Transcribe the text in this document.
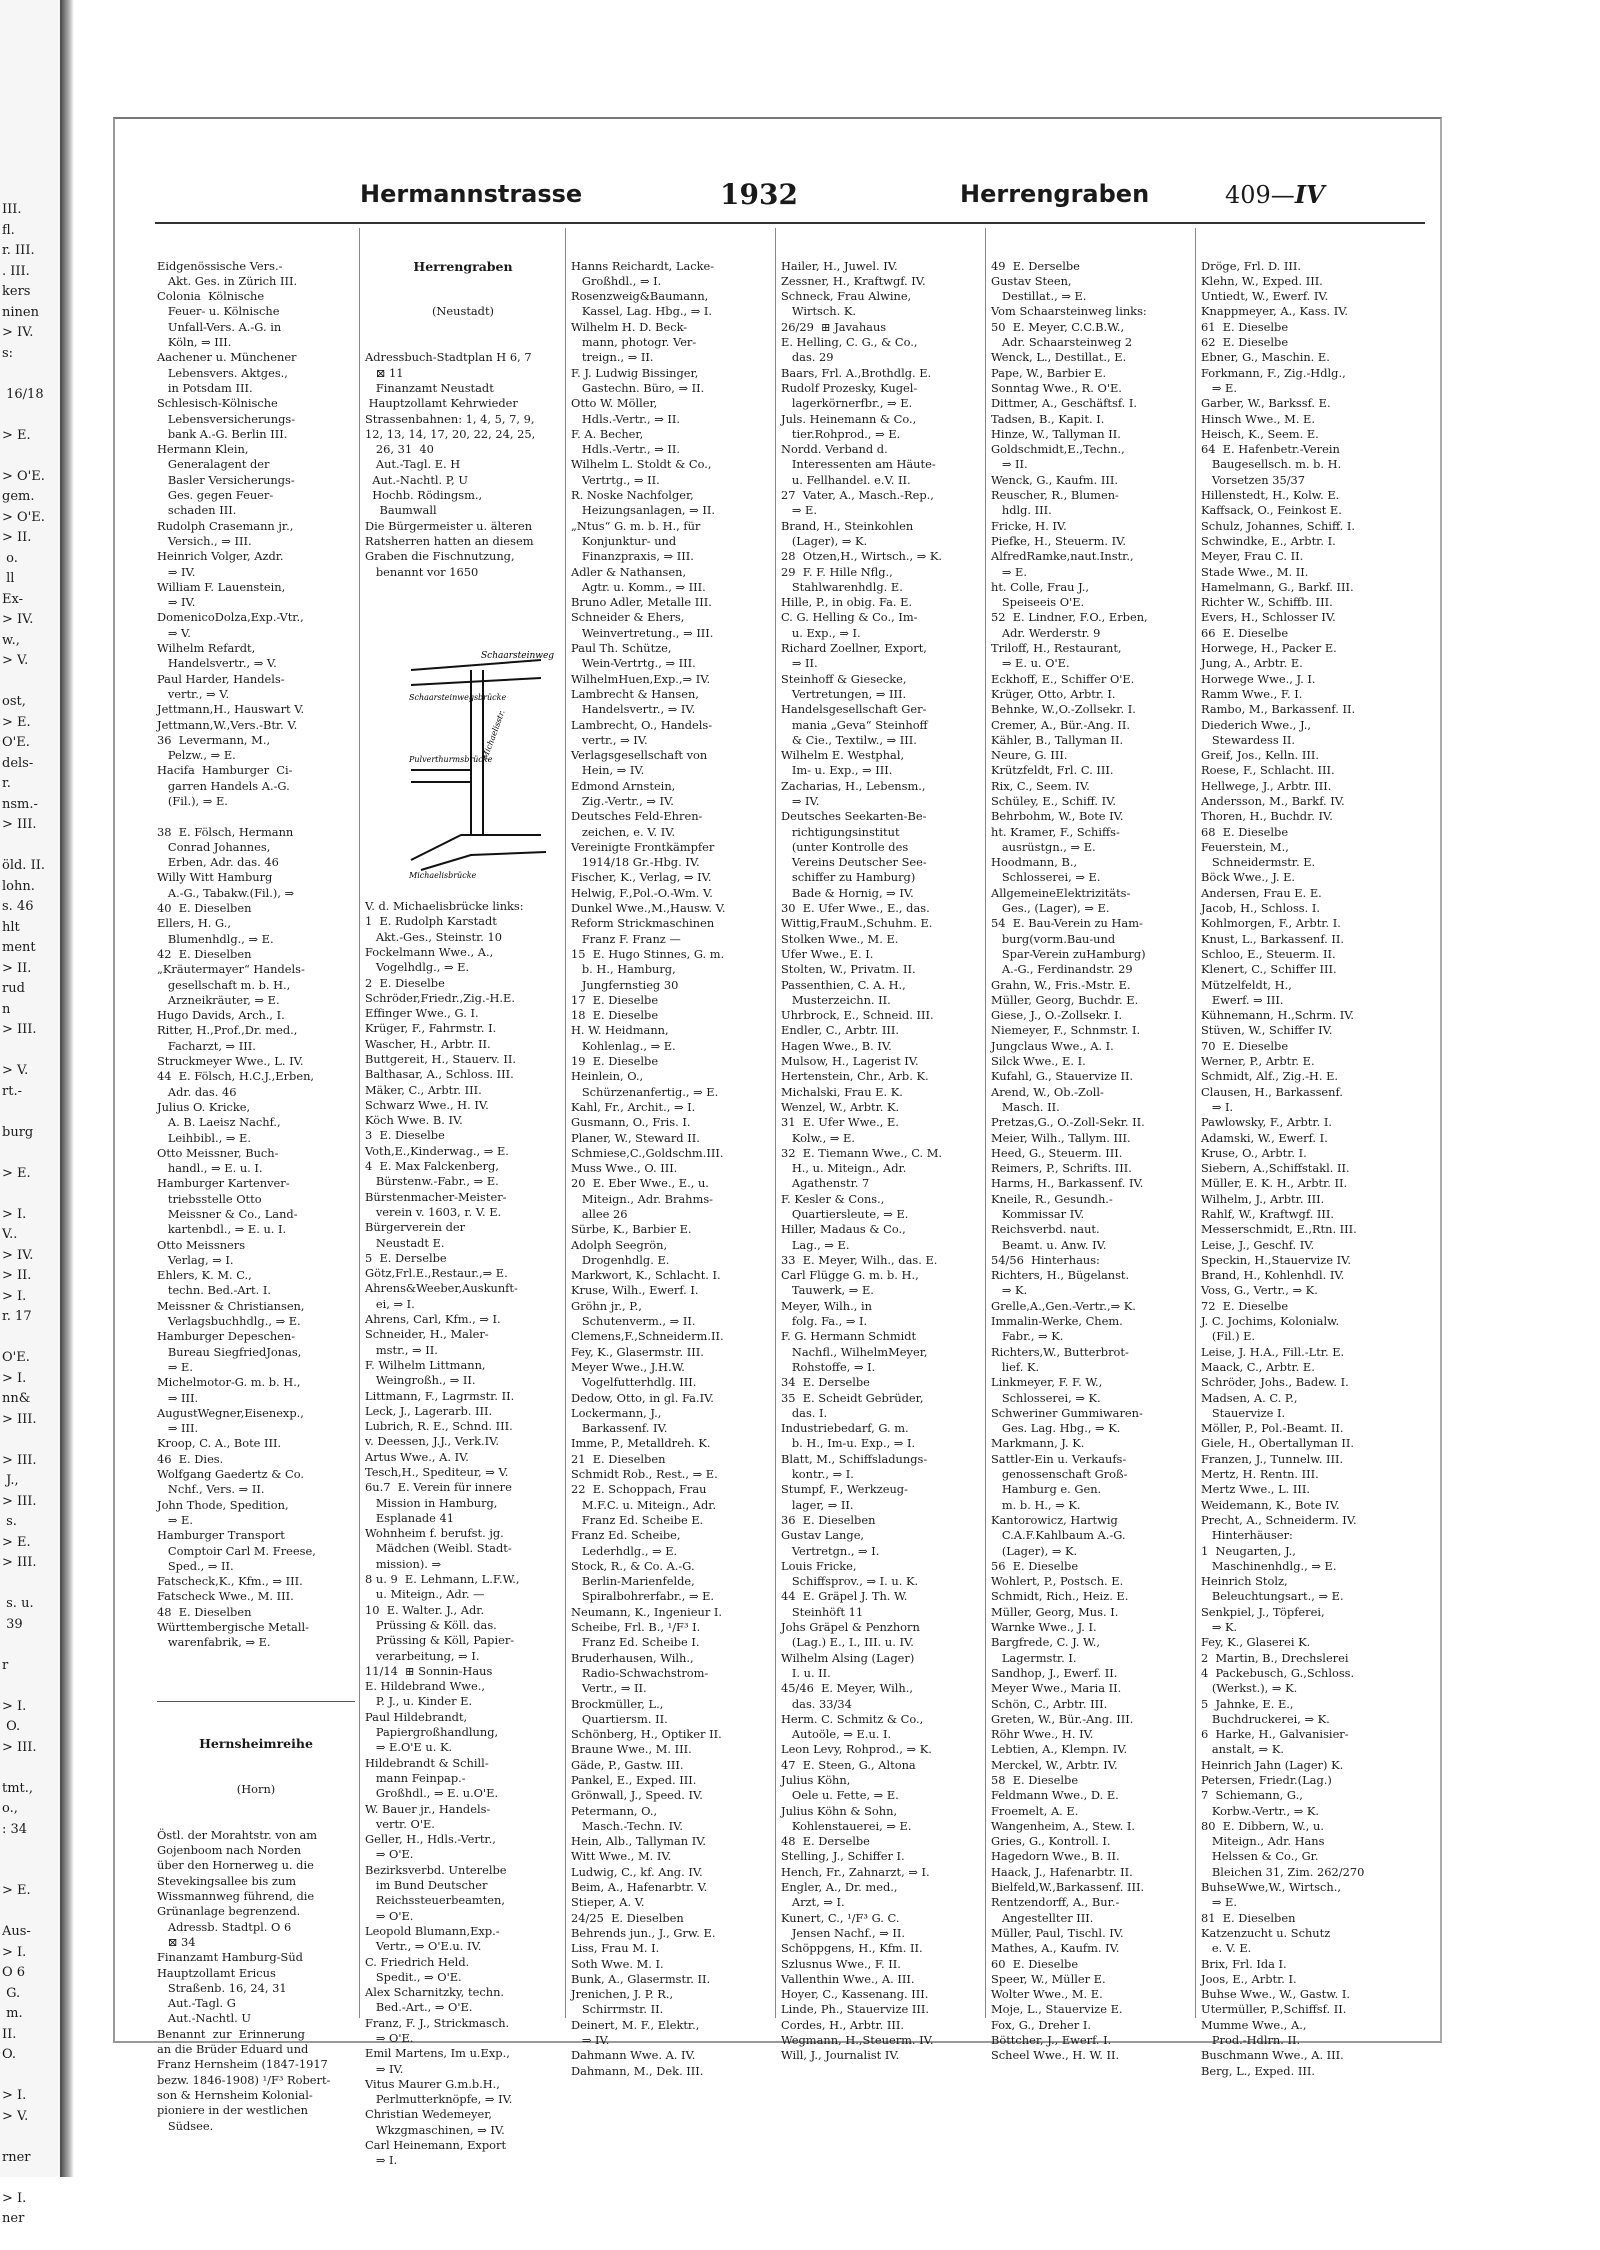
III.
fl.
r. III.
. III.
kers
ninen
> IV.
s:

16/18

> E.

> O'E.
gem.
> O'E.
> II.
o.
ll
Ex-
> IV.
w.,
> V.

ost,
> E.
O'E.
dels-
r.
nsm.-
> III.

öld. II.
lohn.
s. 46
hlt
ment
> II.
rud
n
> III.

> V.
rt.-

burg

> E.

> I.
V..
> IV.
> II.
> I.
r. 17

O'E.
> I.
nn&
> III.

> III.
J.,
> III.
s.
> E.
> III.

s. u.
39

r

> I.
O.
> III.

tmt.,
o.,
: 34

> E.

Aus-
> I.
O 6
G.
m.
II.
O.

> I.
> V.

rner

> I.
ner

Hermannstrasse	1932	Herrengraben	409—IV

Eidgenössische Vers.-
Akt. Ges. in Zürich III.
Colonia  Kölnische
Feuer- u. Kölnische
Unfall-Vers. A.-G. in
Köln, ⇒ III.
Aachener u. Münchener
Lebensvers. Aktges.,
in Potsdam III.
Schlesisch-Kölnische
Lebensversicherungs-
bank A.-G. Berlin III.
Hermann Klein,
Generalagent der
Basler Versicherungs-
Ges. gegen Feuer-
schaden III.
Rudolph Crasemann jr.,
Versich., ⇒ III.
Heinrich Volger, Azdr.
⇒ IV.
William F. Lauenstein,
⇒ IV.
DomenicoDolza,Exp.-Vtr.,
⇒ V.
Wilhelm Refardt,
Handelsvertr., ⇒ V.
Paul Harder, Handels-
vertr., ⇒ V.
Jettmann,H., Hauswart V.
Jettmann,W.,Vers.-Btr. V.
36  Levermann, M.,
Pelzw., ⇒ E.
Hacifa  Hamburger  Ci-
garren Handels A.-G.
(Fil.), ⇒ E.

38  E. Fölsch, Hermann
Conrad Johannes,
Erben, Adr. das. 46
Willy Witt Hamburg
A.-G., Tabakw.(Fil.), ⇒
40  E. Dieselben
Ellers, H. G.,
Blumenhdlg., ⇒ E.
42  E. Dieselben
„Kräutermayer“ Handels-
gesellschaft m. b. H.,
Arzneikräuter, ⇒ E.
Hugo Davids, Arch., I.
Ritter, H.,Prof.,Dr. med.,
Facharzt, ⇒ III.
Struckmeyer Wwe., L. IV.
44  E. Fölsch, H.C.J.,Erben,
Adr. das. 46
Julius O. Kricke,
A. B. Laeisz Nachf.,
Leihbibl., ⇒ E.
Otto Meissner, Buch-
handl., ⇒ E. u. I.
Hamburger Kartenver-
triebsstelle Otto
Meissner & Co., Land-
kartenbdl., ⇒ E. u. I.
Otto Meissners
Verlag, ⇒ I.
Ehlers, K. M. C.,
techn. Bed.-Art. I.
Meissner & Christiansen,
Verlagsbuchhdlg., ⇒ E.
Hamburger Depeschen-
Bureau SiegfriedJonas,
⇒ E.
Michelmotor-G. m. b. H.,
⇒ III.
AugustWegner,Eisenexp.,
⇒ III.
Kroop, C. A., Bote III.
46  E. Dies.
Wolfgang Gaedertz & Co.
Nchf., Vers. ⇒ II.
John Thode, Spedition,
⇒ E.
Hamburger Transport
Comptoir Carl M. Freese,
Sped., ⇒ II.
Fatscheck,K., Kfm., ⇒ III.
Fatscheck Wwe., M. III.
48  E. Dieselben
Württembergische Metall-
warenfabrik, ⇒ E.

Hernsheimreihe

(Horn)

Östl. der Morahtstr. von am
Gojenboom nach Norden
über den Hornerweg u. die
Stevekingsallee bis zum
Wissmannweg führend, die
Grünanlage begrenzend.
Adressb. Stadtpl. O 6
⊠ 34
Finanzamt Hamburg-Süd
Hauptzollamt Ericus
Straßenb. 16, 24, 31
Aut.-Tagl. G
Aut.-Nachtl. U
Benannt  zur  Erinnerung
an die Brüder Eduard und
Franz Hernsheim (1847-1917
bezw. 1846-1908) ¹/F³ Robert-
son & Hernsheim Kolonial-
pioniere in der westlichen
Südsee.

Herrengraben

(Neustadt)

Adressbuch-Stadtplan H 6, 7
⊠ 11
Finanzamt Neustadt
Hauptzollamt Kehrwieder
Strassenbahnen: 1, 4, 5, 7, 9,
12, 13, 14, 17, 20, 22, 24, 25,
26, 31  40
Aut.-Tagl. E. H
Aut.-Nachtl. P, U
Hochb. Rödingsm.,
Baumwall
Die Bürgermeister u. älteren
Ratsherren hatten an diesem
Graben die Fischnutzung,
benannt vor 1650

Schaarsteinweg
Schaarsteinwegsbrücke
Pulverthurmsbrücke
Michaelisbrücke
Michaelisstr.

V. d. Michaelisbrücke links:
1  E. Rudolph Karstadt
Akt.-Ges., Steinstr. 10
Fockelmann Wwe., A.,
Vogelhdlg., ⇒ E.
2  E. Dieselbe
Schröder,Friedr.,Zig.-H.E.
Effinger Wwe., G. I.
Krüger, F., Fahrmstr. I.
Wascher, H., Arbtr. II.
Buttgereit, H., Stauerv. II.
Balthasar, A., Schloss. III.
Mäker, C., Arbtr. III.
Schwarz Wwe., H. IV.
Köch Wwe. B. IV.
3  E. Dieselbe
Voth,E.,Kinderwag., ⇒ E.
4  E. Max Falckenberg,
Bürstenw.-Fabr., ⇒ E.
Bürstenmacher-Meister-
verein v. 1603, r. V. E.
Bürgerverein der
Neustadt E.
5  E. Derselbe
Götz,Frl.E.,Restaur.,⇒ E.
Ahrens&Weeber,Auskunft-
ei, ⇒ I.
Ahrens, Carl, Kfm., ⇒ I.
Schneider, H., Maler-
mstr., ⇒ II.
F. Wilhelm Littmann,
Weingroßh., ⇒ II.
Littmann, F., Lagrmstr. II.
Leck, J., Lagerarb. III.
Lubrich, R. E., Schnd. III.
v. Deessen, J.J., Verk.IV.
Artus Wwe., A. IV.
Tesch,H., Spediteur, ⇒ V.
6u.7  E. Verein für innere
Mission in Hamburg,
Esplanade 41
Wohnheim f. berufst. jg.
Mädchen (Weibl. Stadt-
mission). ⇒
8 u. 9  E. Lehmann, L.F.W.,
u. Miteign., Adr. —
10  E. Walter. J., Adr.
Prüssing & Köll. das.
Prüssing & Köll, Papier-
verarbeitung, ⇒ I.
11/14  ⊞ Sonnin-Haus
E. Hildebrand Wwe.,
P. J., u. Kinder E.
Paul Hildebrandt,
Papiergroßhandlung,
⇒ E.O'E u. K.
Hildebrandt & Schill-
mann Feinpap.-
Großhdl., ⇒ E. u.O'E.
W. Bauer jr., Handels-
vertr. O'E.
Geller, H., Hdls.-Vertr.,
⇒ O'E.
Bezirksverbd. Unterelbe
im Bund Deutscher
Reichssteuerbeamten,
⇒ O'E.
Leopold Blumann,Exp.-
Vertr., ⇒ O'E.u. IV.
C. Friedrich Held.
Spedit., ⇒ O'E.
Alex Scharnitzky, techn.
Bed.-Art., ⇒ O'E.
Franz, F. J., Strickmasch.
⇒ O'E.
Emil Martens, Im u.Exp.,
⇒ IV.
Vitus Maurer G.m.b.H.,
Perlmutterknöpfe, ⇒ IV.
Christian Wedemeyer,
Wkzgmaschinen, ⇒ IV.
Carl Heinemann, Export
⇒ I.

Hanns Reichardt, Lacke-
Großhdl., ⇒ I.
Rosenzweig&Baumann,
Kassel, Lag. Hbg., ⇒ I.
Wilhelm H. D. Beck-
mann, photogr. Ver-
treign., ⇒ II.
F. J. Ludwig Bissinger,
Gastechn. Büro, ⇒ II.
Otto W. Möller,
Hdls.-Vertr., ⇒ II.
F. A. Becher,
Hdls.-Vertr., ⇒ II.
Wilhelm L. Stoldt & Co.,
Vertrtg., ⇒ II.
R. Noske Nachfolger,
Heizungsanlagen, ⇒ II.
„Ntus“ G. m. b. H., für
Konjunktur- und
Finanzpraxis, ⇒ III.
Adler & Nathansen,
Agtr. u. Komm., ⇒ III.
Bruno Adler, Metalle III.
Schneider & Ehers,
Weinvertretung., ⇒ III.
Paul Th. Schütze,
Wein-Vertrtg., ⇒ III.
WilhelmHuen,Exp.,⇒ IV.
Lambrecht & Hansen,
Handelsvertr., ⇒ IV.
Lambrecht, O., Handels-
vertr., ⇒ IV.
Verlagsgesellschaft von
Hein, ⇒ IV.
Edmond Arnstein,
Zig.-Vertr., ⇒ IV.
Deutsches Feld-Ehren-
zeichen, e. V. IV.
Vereinigte Frontkämpfer
1914/18 Gr.-Hbg. IV.
Fischer, K., Verlag, ⇒ IV.
Helwig, F.,Pol.-O.-Wm. V.
Dunkel Wwe.,M.,Hausw. V.
Reform Strickmaschinen
Franz F. Franz —
15  E. Hugo Stinnes, G. m.
b. H., Hamburg,
Jungfernstieg 30
17  E. Dieselbe
18  E. Dieselbe
H. W. Heidmann,
Kohlenlag., ⇒ E.
19  E. Dieselbe
Heinlein, O.,
Schürzenanfertig., ⇒ E.
Kahl, Fr., Archit., ⇒ I.
Gusmann, O., Fris. I.
Planer, W., Steward II.
Schmiese,C.,Goldschm.III.
Muss Wwe., O. III.
20  E. Eber Wwe., E., u.
Miteign., Adr. Brahms-
allee 26
Sürbe, K., Barbier E.
Adolph Seegrön,
Drogenhdlg. E.
Markwort, K., Schlacht. I.
Kruse, Wilh., Ewerf. I.
Gröhn jr., P.,
Schutenverm., ⇒ II.
Clemens,F.,Schneiderm.II.
Fey, K., Glasermstr. III.
Meyer Wwe., J.H.W.
Vogelfutterhdlg. III.
Dedow, Otto, in gl. Fa.IV.
Lockermann, J.,
Barkassenf. IV.
Imme, P., Metalldreh. K.
21  E. Dieselben
Schmidt Rob., Rest., ⇒ E.
22  E. Schoppach, Frau
M.F.C. u. Miteign., Adr.
Franz Ed. Scheibe E.
Franz Ed. Scheibe,
Lederhdlg., ⇒ E.
Stock, R., & Co. A.-G.
Berlin-Marienfelde,
Spiralbohrerfabr., ⇒ E.
Neumann, K., Ingenieur I.
Scheibe, Frl. B., ¹/F³ I.
Franz Ed. Scheibe I.
Bruderhausen, Wilh.,
Radio-Schwachstrom-
Vertr., ⇒ II.
Brockmüller, L.,
Quartiersm. II.
Schönberg, H., Optiker II.
Braune Wwe., M. III.
Gäde, P., Gastw. III.
Pankel, E., Exped. III.
Grönwall, J., Speed. IV.
Petermann, O.,
Masch.-Techn. IV.
Hein, Alb., Tallyman IV.
Witt Wwe., M. IV.
Ludwig, C., kf. Ang. IV.
Beim, A., Hafenarbtr. V.
Stieper, A. V.
24/25  E. Dieselben
Behrends jun., J., Grw. E.
Liss, Frau M. I.
Soth Wwe. M. I.
Bunk, A., Glasermstr. II.
Jrenichen, J. P. R.,
Schirrmstr. II.
Deinert, M. F., Elektr.,
⇒ IV.
Dahmann Wwe. A. IV.
Dahmann, M., Dek. III.

Hailer, H., Juwel. IV.
Zessner, H., Kraftwgf. IV.
Schneck, Frau Alwine,
Wirtsch. K.
26/29  ⊞ Javahaus
E. Helling, C. G., & Co.,
das. 29
Baars, Frl. A.,Brothdlg. E.
Rudolf Prozesky, Kugel-
lagerkörnerfbr., ⇒ E.
Juls. Heinemann & Co.,
tier.Rohprod., ⇒ E.
Nordd. Verband d.
Interessenten am Häute-
u. Fellhandel. e.V. II.
27  Vater, A., Masch.-Rep.,
⇒ E.
Brand, H., Steinkohlen
(Lager), ⇒ K.
28  Otzen,H., Wirtsch., ⇒ K.
29  F. F. Hille Nflg.,
Stahlwarenhdlg. E.
Hille, P., in obig. Fa. E.
C. G. Helling & Co., Im-
u. Exp., ⇒ I.
Richard Zoellner, Export,
⇒ II.
Steinhoff & Giesecke,
Vertretungen, ⇒ III.
Handelsgesellschaft Ger-
mania „Geva“ Steinhoff
& Cie., Textilw., ⇒ III.
Wilhelm E. Westphal,
Im- u. Exp., ⇒ III.
Zacharias, H., Lebensm.,
⇒ IV.
Deutsches Seekarten-Be-
richtigungsinstitut
(unter Kontrolle des
Vereins Deutscher See-
schiffer zu Hamburg)
Bade & Hornig, ⇒ IV.
30  E. Ufer Wwe., E., das.
Wittig,FrauM.,Schuhm. E.
Stolken Wwe., M. E.
Ufer Wwe., E. I.
Stolten, W., Privatm. II.
Passenthien, C. A. H.,
Musterzeichn. II.
Uhrbrock, E., Schneid. III.
Endler, C., Arbtr. III.
Hagen Wwe., B. IV.
Mulsow, H., Lagerist IV.
Hertenstein, Chr., Arb. K.
Michalski, Frau E. K.
Wenzel, W., Arbtr. K.
31  E. Ufer Wwe., E.
Kolw., ⇒ E.
32  E. Tiemann Wwe., C. M.
H., u. Miteign., Adr.
Agathenstr. 7
F. Kesler & Cons.,
Quartiersleute, ⇒ E.
Hiller, Madaus & Co.,
Lag., ⇒ E.
33  E. Meyer, Wilh., das. E.
Carl Flügge G. m. b. H.,
Tauwerk, ⇒ E.
Meyer, Wilh., in
folg. Fa., ⇒ I.
F. G. Hermann Schmidt
Nachfl., WilhelmMeyer,
Rohstoffe, ⇒ I.
34  E. Derselbe
35  E. Scheidt Gebrüder,
das. I.
Industriebedarf, G. m.
b. H., Im-u. Exp., ⇒ I.
Blatt, M., Schiffsladungs-
kontr., ⇒ I.
Stumpf, F., Werkzeug-
lager, ⇒ II.
36  E. Dieselben
Gustav Lange,
Vertretgn., ⇒ I.
Louis Fricke,
Schiffsprov., ⇒ I. u. K.
44  E. Gräpel J. Th. W.
Steinhöft 11
Johs Gräpel & Penzhorn
(Lag.) E., I., III. u. IV.
Wilhelm Alsing (Lager)
I. u. II.
45/46  E. Meyer, Wilh.,
das. 33/34
Herm. C. Schmitz & Co.,
Autoöle, ⇒ E.u. I.
Leon Levy, Rohprod., ⇒ K.
47  E. Steen, G., Altona
Julius Köhn,
Oele u. Fette, ⇒ E.
Julius Köhn & Sohn,
Kohlenstauerei, ⇒ E.
48  E. Derselbe
Stelling, J., Schiffer I.
Hench, Fr., Zahnarzt, ⇒ I.
Engler, A., Dr. med.,
Arzt, ⇒ I.
Kunert, C., ¹/F³ G. C.
Jensen Nachf., ⇒ II.
Schöppgens, H., Kfm. II.
Szlusnus Wwe., F. II.
Vallenthin Wwe., A. III.
Hoyer, C., Kassenang. III.
Linde, Ph., Stauervize III.
Cordes, H., Arbtr. III.
Wegmann, H.,Steuerm. IV.
Will, J., Journalist IV.

49  E. Derselbe
Gustav Steen,
Destillat., ⇒ E.
Vom Schaarsteinweg links:
50  E. Meyer, C.C.B.W.,
Adr. Schaarsteinweg 2
Wenck, L., Destillat., E.
Pape, W., Barbier E.
Sonntag Wwe., R. O'E.
Dittmer, A., Geschäftsf. I.
Tadsen, B., Kapit. I.
Hinze, W., Tallyman II.
Goldschmidt,E.,Techn.,
⇒ II.
Wenck, G., Kaufm. III.
Reuscher, R., Blumen-
hdlg. III.
Fricke, H. IV.
Piefke, H., Steuerm. IV.
AlfredRamke,naut.Instr.,
⇒ E.
ht. Colle, Frau J.,
Speiseeis O'E.
52  E. Lindner, F.O., Erben,
Adr. Werderstr. 9
Trilоff, H., Restaurant,
⇒ E. u. O'E.
Eckhoff, E., Schiffer O'E.
Krüger, Otto, Arbtr. I.
Behnke, W.,O.-Zollsekr. I.
Cremer, A., Bür.-Ang. II.
Kähler, B., Tallyman II.
Neure, G. III.
Krützfeldt, Frl. C. III.
Rix, C., Seem. IV.
Schüley, E., Schiff. IV.
Behrbohm, W., Bote IV.
ht. Kramer, F., Schiffs-
ausrüstgn., ⇒ E.
Hoodmann, B.,
Schlosserei, ⇒ E.
AllgemeineElektrizitäts-
Ges., (Lager), ⇒ E.
54  E. Bau-Verein zu Ham-
burg(vorm.Bau-und
Spar-Verein zuHamburg)
A.-G., Ferdinandstr. 29
Grahn, W., Fris.-Mstr. E.
Müller, Georg, Buchdr. E.
Giese, J., O.-Zollsekr. I.
Niemeyer, F., Schnmstr. I.
Jungclaus Wwe., A. I.
Silck Wwe., E. I.
Kufahl, G., Stauervize II.
Arend, W., Ob.-Zoll-
Masch. II.
Pretzas,G., O.-Zoll-Sekr. II.
Meier, Wilh., Tallym. III.
Heed, G., Steuerm. III.
Reimers, P., Schrifts. III.
Harms, H., Barkassenf. IV.
Kneile, R., Gesundh.-
Kommissar IV.
Reichsverbd. naut.
Beamt. u. Anw. IV.
54/56  Hinterhaus:
Richters, H., Bügelanst.
⇒ K.
Grelle,A.,Gen.-Vertr.,⇒ K.
Immalin-Werke, Chem.
Fabr., ⇒ K.
Richters,W., Butterbrot-
lief. K.
Linkmeyer, F. F. W.,
Schlosserei, ⇒ K.
Schweriner Gummiwaren-
Ges. Lag. Hbg., ⇒ K.
Markmann, J. K.
Sattler-Ein u. Verkaufs-
genossenschaft Groß-
Hamburg e. Gen.
m. b. H., ⇒ K.
Kantorowicz, Hartwig
C.A.F.Kahlbaum A.-G.
(Lager), ⇒ K.
56  E. Dieselbe
Wohlert, P., Postsch. E.
Schmidt, Rich., Heiz. E.
Müller, Georg, Mus. I.
Warnke Wwe., J. I.
Bargfrede, C. J. W.,
Lagermstr. I.
Sandhop, J., Ewerf. II.
Meyer Wwe., Maria II.
Schön, C., Arbtr. III.
Greten, W., Bür.-Ang. III.
Röhr Wwe., H. IV.
Lebtien, A., Klempn. IV.
Merckel, W., Arbtr. IV.
58  E. Dieselbe
Feldmann Wwe., D. E.
Froemelt, A. E.
Wangenheim, A., Stew. I.
Gries, G., Kontroll. I.
Hagedorn Wwe., B. II.
Haack, J., Hafenarbtr. II.
Bielfeld,W.,Barkassenf. III.
Rentzendorff, A., Bur.-
Angestellter III.
Müller, Paul, Tischl. IV.
Mathes, A., Kaufm. IV.
60  E. Dieselbe
Speer, W., Müller E.
Wolter Wwe., M. E.
Moje, L., Stauervize E.
Fox, G., Dreher I.
Böttcher, J., Ewerf. I.
Scheel Wwe., H. W. II.

Dröge, Frl. D. III.
Klehn, W., Exped. III.
Untiedt, W., Ewerf. IV.
Knappmeyer, A., Kass. IV.
61  E. Dieselbe
62  E. Dieselbe
Ebner, G., Maschin. E.
Forkmann, F., Zig.-Hdlg.,
⇒ E.
Garber, W., Barkssf. E.
Hinsch Wwe., M. E.
Heisch, K., Seem. E.
64  E. Hafenbetr.-Verein
Baugesellsch. m. b. H.
Vorsetzen 35/37
Hillenstedt, H., Kolw. E.
Kaffsack, O., Feinkost E.
Schulz, Johannes, Schiff. I.
Schwindke, E., Arbtr. I.
Meyer, Frau C. II.
Stade Wwe., M. II.
Hamelmann, G., Barkf. III.
Richter W., Schiffb. III.
Evers, H., Schlosser IV.
66  E. Dieselbe
Horwege, H., Packer E.
Jung, A., Arbtr. E.
Horwege Wwe., J. I.
Ramm Wwe., F. I.
Rambo, M., Barkassenf. II.
Diederich Wwe., J.,
Stewardess II.
Greif, Jos., Kelln. III.
Roese, F., Schlacht. III.
Hellwege, J., Arbtr. III.
Andersson, M., Barkf. IV.
Thoren, H., Buchdr. IV.
68  E. Dieselbe
Feuerstein, M.,
Schneidermstr. E.
Böck Wwe., J. E.
Andersen, Frau E. E.
Jacob, H., Schloss. I.
Kohlmorgen, F., Arbtr. I.
Knust, L., Barkassenf. II.
Schloo, E., Steuerm. II.
Klenert, C., Schiffer III.
Mützelfeldt, H.,
Ewerf. ⇒ III.
Kühnemann, H.,Schrm. IV.
Stüven, W., Schiffer IV.
70  E. Dieselbe
Werner, P., Arbtr. E.
Schmidt, Alf., Zig.-H. E.
Clausen, H., Barkassenf.
⇒ I.
Pawlowsky, F., Arbtr. I.
Adamski, W., Ewerf. I.
Kruse, O., Arbtr. I.
Siebern, A.,Schiffstakl. II.
Müller, E. K. H., Arbtr. II.
Wilhelm, J., Arbtr. III.
Rahlf, W., Kraftwgf. III.
Messerschmidt, E.,Rtn. III.
Leise, J., Geschf. IV.
Speckin, H.,Stauervize IV.
Brand, H., Kohlenhdl. IV.
Voss, G., Vertr., ⇒ K.
72  E. Dieselbe
J. C. Jochims, Kolonialw.
(Fil.) E.
Leise, J. H.A., Fill.-Ltr. E.
Maack, C., Arbtr. E.
Schröder, Johs., Badew. I.
Madsen, A. C. P.,
Stauervize I.
Möller, P., Pol.-Beamt. II.
Giele, H., Obertallyman II.
Franzen, J., Tunnelw. III.
Mertz, H. Rentn. III.
Mertz Wwe., L. III.
Weidemann, K., Bote IV.
Precht, A., Schneiderm. IV.
Hinterhäuser:
1  Neugarten, J.,
Maschinenhdlg., ⇒ E.
Heinrich Stolz,
Beleuchtungsart., ⇒ E.
Senkpiel, J., Töpferei,
⇒ K.
Fey, K., Glaserei K.
2  Martin, B., Drechslerei
4  Packebusch, G.,Schloss.
(Werkst.), ⇒ K.
5  Jahnke, E. E.,
Buchdruckerei, ⇒ K.
6  Harke, H., Galvanisier-
anstalt, ⇒ K.
Heinrich Jahn (Lager) K.
Petersen, Friedr.(Lag.)
7  Schiemann, G.,
Korbw.-Vertr., ⇒ K.
80  E. Dibbern, W., u.
Miteign., Adr. Hans
Helssen & Co., Gr.
Bleichen 31, Zim. 262/270
BuhseWwe,W., Wirtsch.,
⇒ E.
81  E. Dieselben
Katzenzucht u. Schutz
e. V. E.
Brix, Frl. Ida I.
Joos, E., Arbtr. I.
Buhse Wwe., W., Gastw. I.
Utermüller, P.,Schiffsf. II.
Mumme Wwe., A.,
Prod.-Hdlrn. II.
Buschmann Wwe., A. III.
Berg, L., Exped. III.
